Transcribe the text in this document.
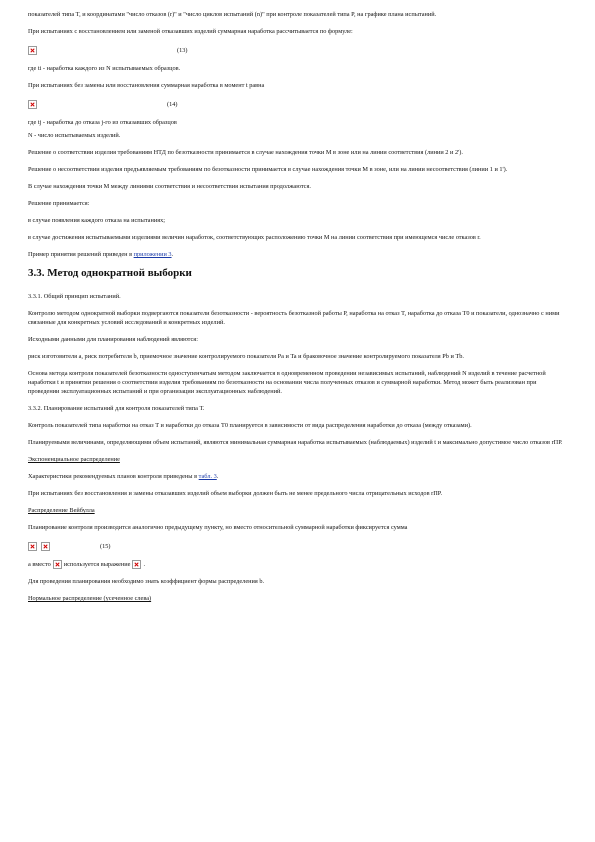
показателей типа T, и координатами "число отказов (r)" и "число циклов испытаний (n)" при контроле показателей типа P, на графике плана испытаний.

При испытаниях с восстановлением или заменой отказавших изделий суммарная наработка рассчитывается по формуле:

(13)

где ti - наработка каждого из N испытываемых образцов.

При испытаниях без замены или восстановления суммарная наработка в момент t равна

(14)

где tj - наработка до отказа j-го из отказавших образцов

N - число испытываемых изделий.

Решение о соответствии изделия требованиям НТД по безотказности принимается в случае нахождения точки M в зоне или на линии соответствия (линии 2 и 2').

Решение о несоответствии изделия предъявляемым требованиям по безотказности принимается в случае нахождения точки M в зоне, или на линии несоответствия (линии 1 и 1').

В случае нахождения точки M между линиями соответствия и несоответствия испытания продолжаются.

Решение принимается:

в случае появления каждого отказа на испытаниях;

в случае достижения испытываемыми изделиями величин наработок, соответствующих расположению точки M на линии соответствия при имеющемся числе отказов r.

Пример принятия решений приведен в приложении 3.

3.3. Метод однократной выборки

3.3.1. Общий принцип испытаний.

Контролю методом однократной выборки подвергаются показатели безотказности - вероятность безотказной работы P, наработка на отказ T, наработка до отказа T0 и показатели, однозначно с ними связанные для конкретных условий исследований и конкретных изделий.

Исходными данными для планирования наблюдений являются:

риск изготовителя a, риск потребителя b, приемочное значение контролируемого показателя Pa и Ta и браковочное значение контролируемого показателя Pb и Tb.

Основа метода контроля показателей безотказности одноступенчатым методом заключается в одновременном проведении независимых испытаний, наблюдений N изделий в течение расчетной наработки t и принятии решения о соответствии изделия требованиям по безотказности на основании числа полученных отказов и суммарной наработки. Метод может быть реализован при проведении эксплуатационных испытаний и при организации эксплуатационных наблюдений.

3.3.2. Планирование испытаний для контроля показателей типа T.

Контроль показателей типа наработки на отказ T и наработки до отказа T0 планируется в зависимости от вида распределения наработки до отказа (между отказами).

Планируемыми величинами, определяющими объем испытаний, являются минимальная суммарная наработка испытываемых (наблюдаемых) изделий t и максимально допустимое число отказов rПР.

Экспоненциальное распределение

Характеристики рекомендуемых планов контроля приведены в табл. 3.

При испытаниях без восстановления и замены отказавших изделий объем выборки должен быть не менее предельного числа отрицательных исходов rПР.

Распределение Вейбулла

Планирование контроля производится аналогично предыдущему пункту, но вместо относительной суммарной наработки фиксируется сумма

(15)

а вместо используется выражение .

Для проведения планирования необходимо знать коэффициент формы распределения b.

Нормальное распределение (усеченное слева)
